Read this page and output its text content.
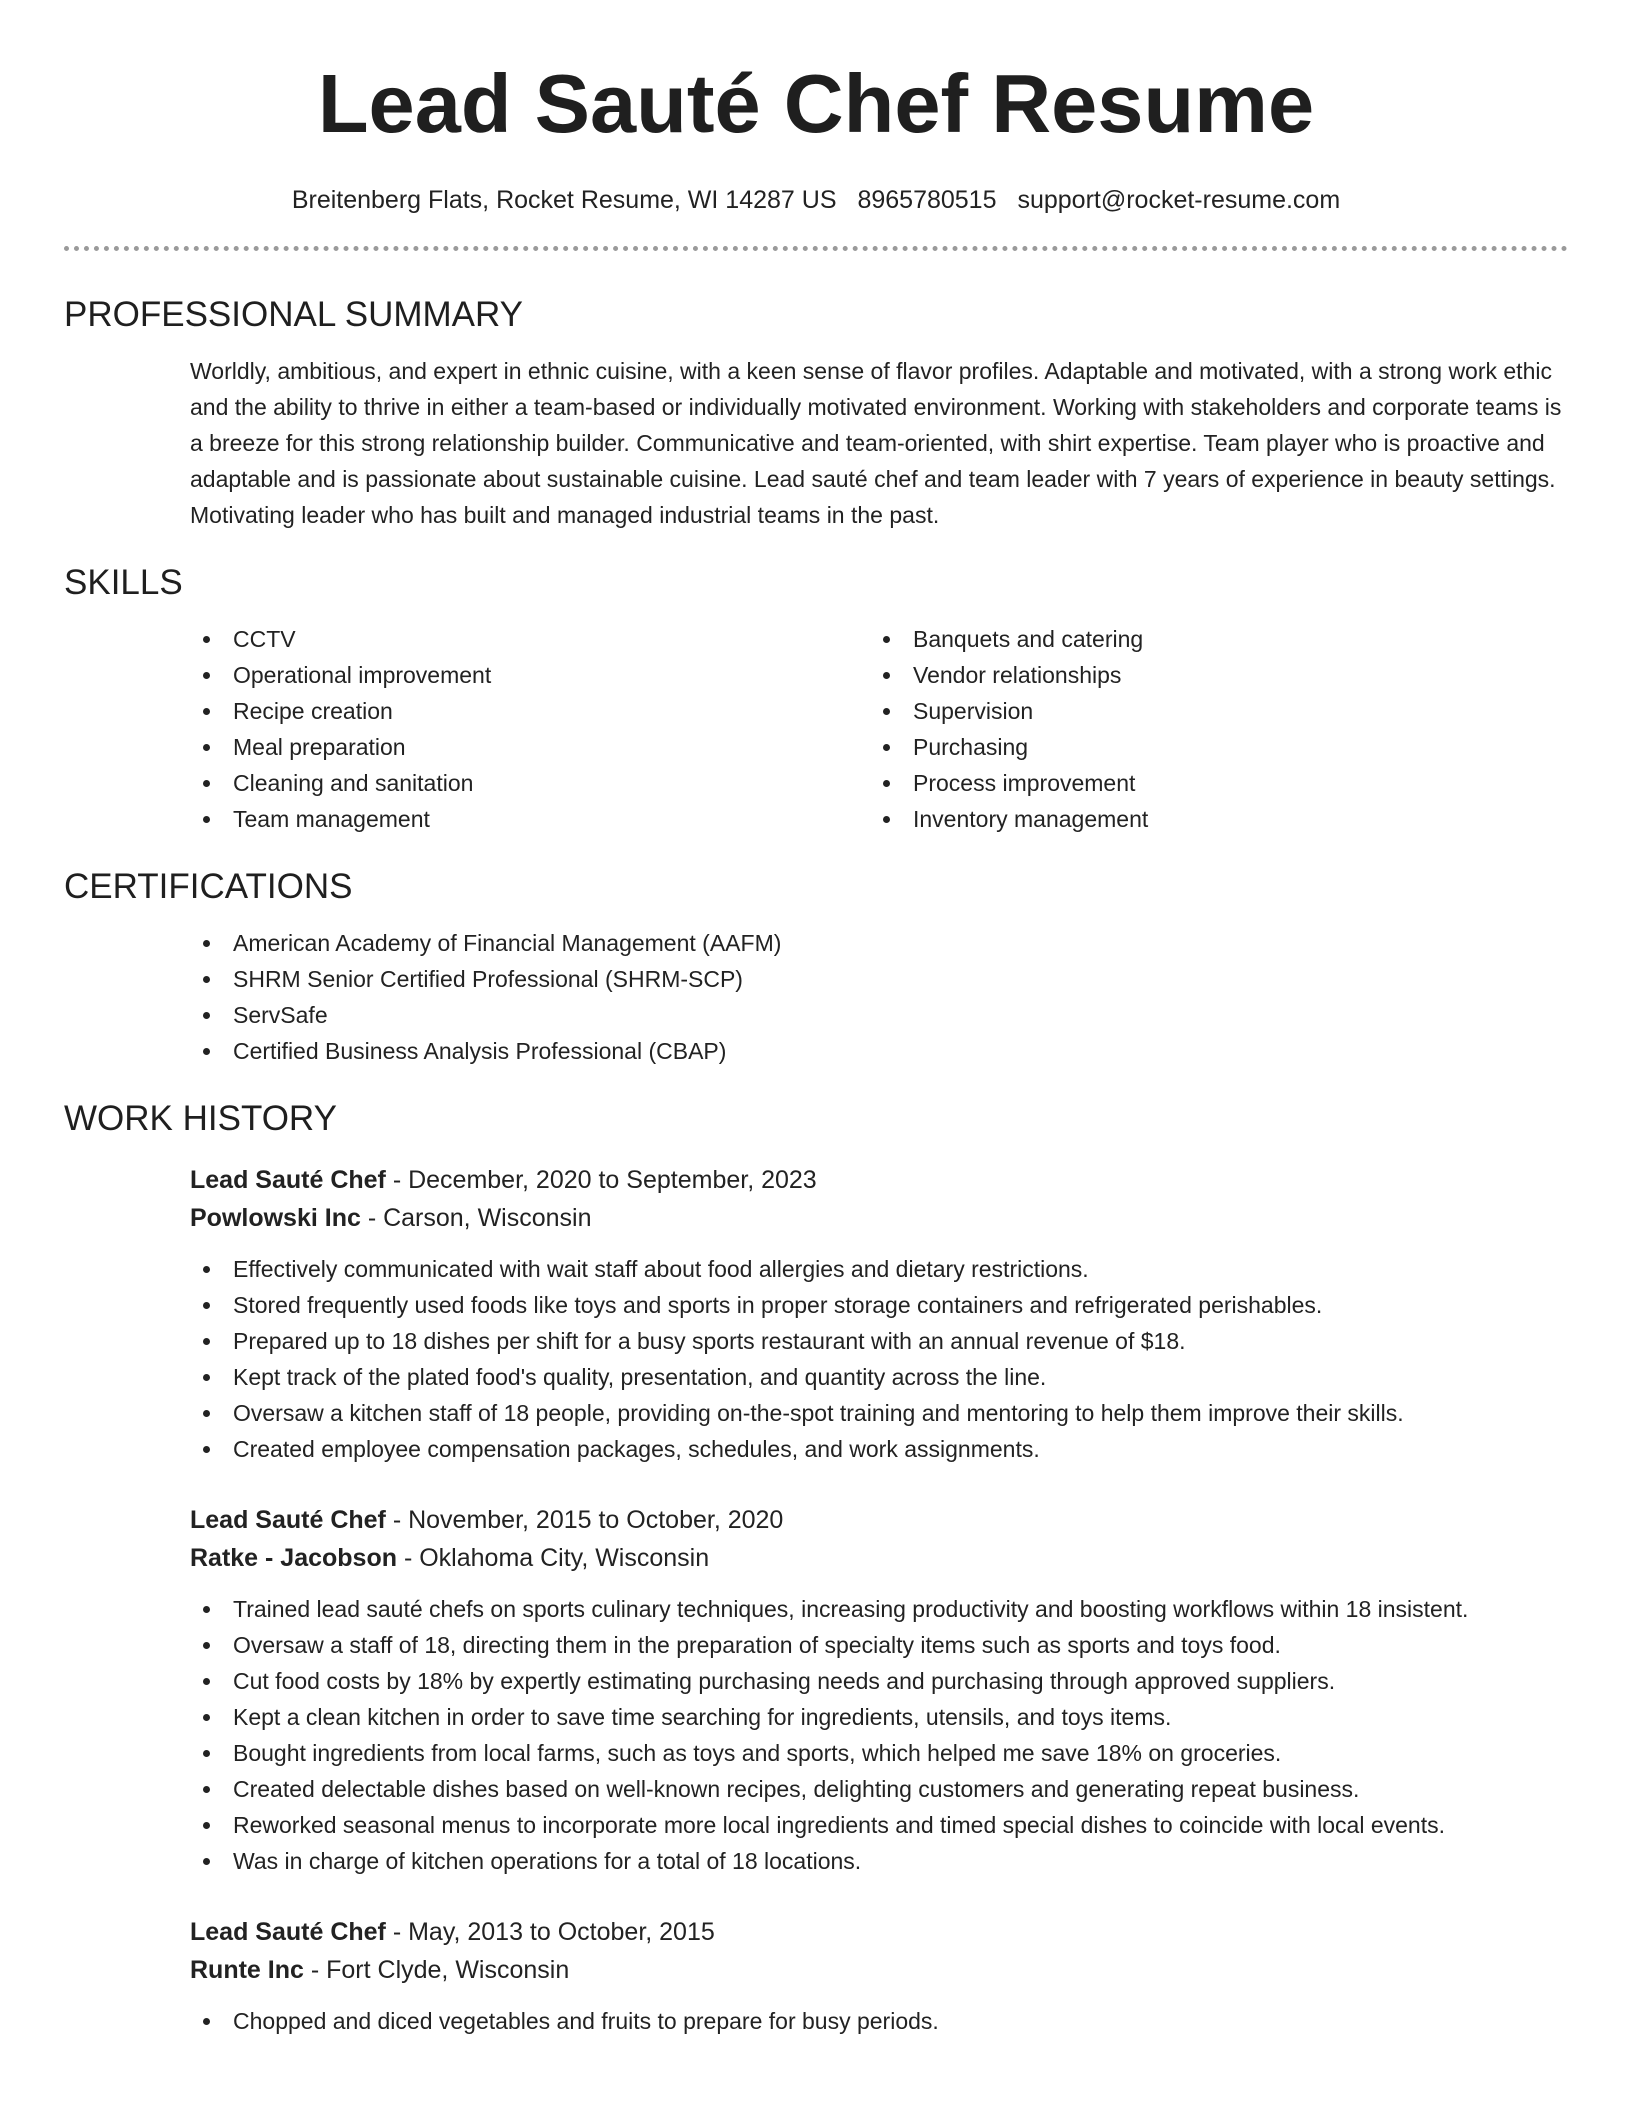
Lead Sauté Chef Resume
Breitenberg Flats, Rocket Resume, WI 14287 US 8965780515 support@rocket-resume.com
PROFESSIONAL SUMMARY

Worldly, ambitious, and expert in ethnic cuisine, with a keen sense of flavor profiles. Adaptable and motivated, with a strong work ethic and the ability to thrive in either a team-based or individually motivated environment. Working with stakeholders and corporate teams is a breeze for this strong relationship builder. Communicative and team-oriented, with shirt expertise. Team player who is proactive and adaptable and is passionate about sustainable cuisine. Lead sauté chef and team leader with 7 years of experience in beauty settings. Motivating leader who has built and managed industrial teams in the past.

SKILLS
CCTV
Operational improvement
Recipe creation
Meal preparation
Cleaning and sanitation
Team management
Banquets and catering
Vendor relationships
Supervision
Purchasing
Process improvement
Inventory management
CERTIFICATIONS
American Academy of Financial Management (AAFM)
SHRM Senior Certified Professional (SHRM-SCP)
ServSafe
Certified Business Analysis Professional (CBAP)
WORK HISTORY
Lead Sauté Chef - December, 2020 to September, 2023
Powlowski Inc - Carson, Wisconsin
Effectively communicated with wait staff about food allergies and dietary restrictions.
Stored frequently used foods like toys and sports in proper storage containers and refrigerated perishables.
Prepared up to 18 dishes per shift for a busy sports restaurant with an annual revenue of $18.
Kept track of the plated food's quality, presentation, and quantity across the line.
Oversaw a kitchen staff of 18 people, providing on-the-spot training and mentoring to help them improve their skills.
Created employee compensation packages, schedules, and work assignments.
Lead Sauté Chef - November, 2015 to October, 2020
Ratke - Jacobson - Oklahoma City, Wisconsin
Trained lead sauté chefs on sports culinary techniques, increasing productivity and boosting workflows within 18 insistent.
Oversaw a staff of 18, directing them in the preparation of specialty items such as sports and toys food.
Cut food costs by 18% by expertly estimating purchasing needs and purchasing through approved suppliers.
Kept a clean kitchen in order to save time searching for ingredients, utensils, and toys items.
Bought ingredients from local farms, such as toys and sports, which helped me save 18% on groceries.
Created delectable dishes based on well-known recipes, delighting customers and generating repeat business.
Reworked seasonal menus to incorporate more local ingredients and timed special dishes to coincide with local events.
Was in charge of kitchen operations for a total of 18 locations.
Lead Sauté Chef - May, 2013 to October, 2015
Runte Inc - Fort Clyde, Wisconsin
Chopped and diced vegetables and fruits to prepare for busy periods.
